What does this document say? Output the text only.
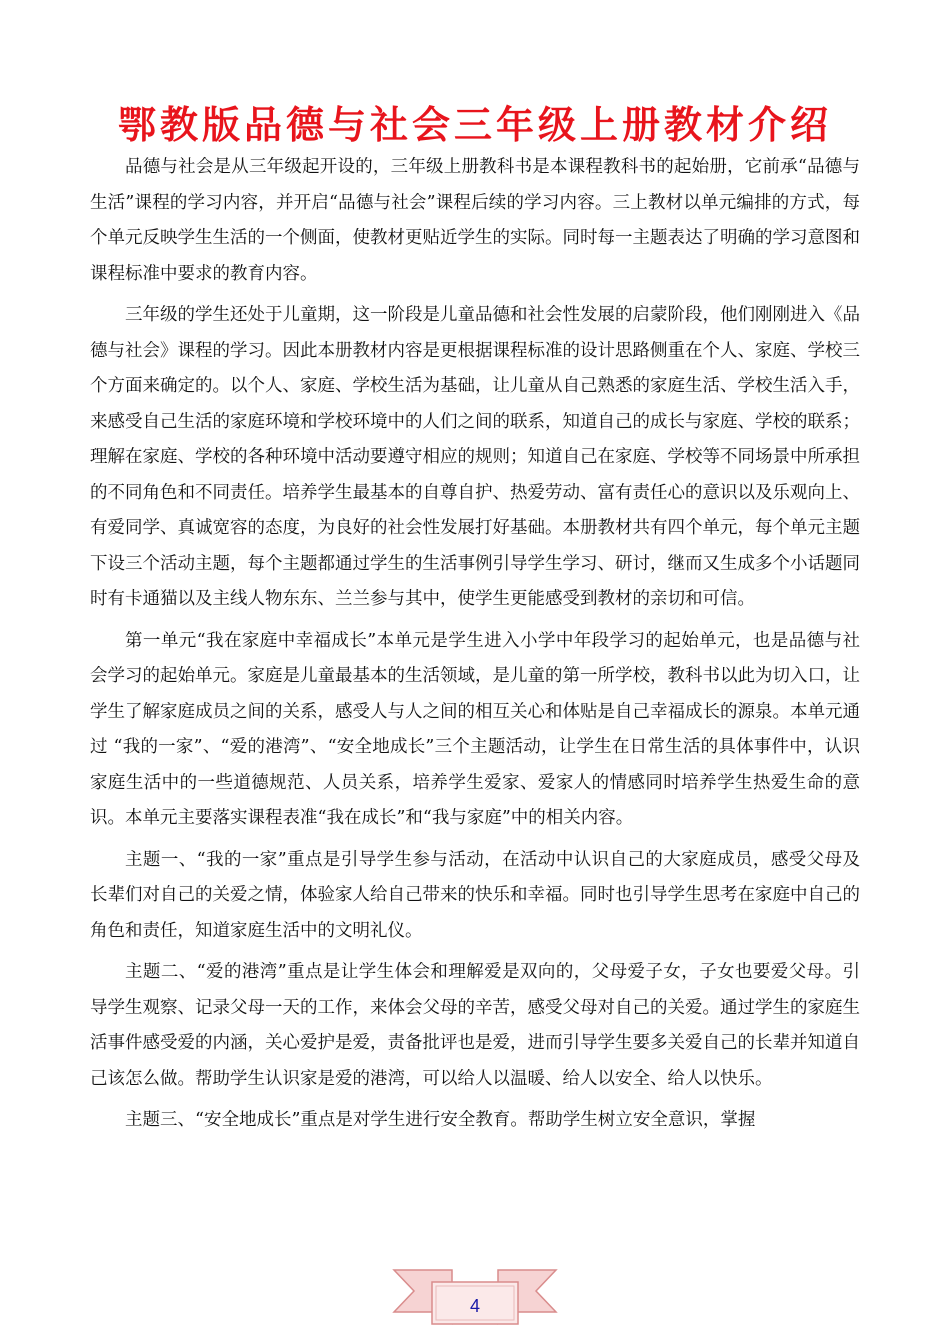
鄂教版品德与社会三年级上册教材介绍

品德与社会是从三年级起开设的，三年级上册教科书是本课程教科书的起始册，它前承“品德与生活”课程的学习内容，并开启“品德与社会”课程后续的学习内容。三上教材以单元编排的方式，每个单元反映学生生活的一个侧面，使教材更贴近学生的实际。同时每一主题表达了明确的学习意图和课程标准中要求的教育内容。

三年级的学生还处于儿童期，这一阶段是儿童品德和社会性发展的启蒙阶段，他们刚刚进入《品德与社会》课程的学习。因此本册教材内容是更根据课程标准的设计思路侧重在个人、家庭、学校三个方面来确定的。以个人、家庭、学校生活为基础，让儿童从自己熟悉的家庭生活、学校生活入手，来感受自己生活的家庭环境和学校环境中的人们之间的联系，知道自己的成长与家庭、学校的联系；理解在家庭、学校的各种环境中活动要遵守相应的规则；知道自己在家庭、学校等不同场景中所承担的不同角色和不同责任。培养学生最基本的自尊自护、热爱劳动、富有责任心的意识以及乐观向上、有爱同学、真诚宽容的态度，为良好的社会性发展打好基础。本册教材共有四个单元，每个单元主题下设三个活动主题，每个主题都通过学生的生活事例引导学生学习、研讨，继而又生成多个小话题同时有卡通猫以及主线人物东东、兰兰参与其中，使学生更能感受到教材的亲切和可信。

第一单元“我在家庭中幸福成长”本单元是学生进入小学中年段学习的起始单元，也是品德与社会学习的起始单元。家庭是儿童最基本的生活领域，是儿童的第一所学校，教科书以此为切入口，让学生了解家庭成员之间的关系，感受人与人之间的相互关心和体贴是自己幸福成长的源泉。本单元通过 “我的一家”、“爱的港湾”、“安全地成长”三个主题活动，让学生在日常生活的具体事件中，认识家庭生活中的一些道德规范、人员关系，培养学生爱家、爱家人的情感同时培养学生热爱生命的意识。本单元主要落实课程表准“我在成长”和“我与家庭”中的相关内容。

主题一、“我的一家”重点是引导学生参与活动，在活动中认识自己的大家庭成员，感受父母及长辈们对自己的关爱之情，体验家人给自己带来的快乐和幸福。同时也引导学生思考在家庭中自己的角色和责任，知道家庭生活中的文明礼仪。

主题二、“爱的港湾”重点是让学生体会和理解爱是双向的，父母爱子女，子女也要爱父母。引导学生观察、记录父母一天的工作，来体会父母的辛苦，感受父母对自己的关爱。通过学生的家庭生活事件感受爱的内涵，关心爱护是爱，责备批评也是爱，进而引导学生要多关爱自己的长辈并知道自己该怎么做。帮助学生认识家是爱的港湾，可以给人以温暖、给人以安全、给人以快乐。

主题三、“安全地成长”重点是对学生进行安全教育。帮助学生树立安全意识，掌握

4
